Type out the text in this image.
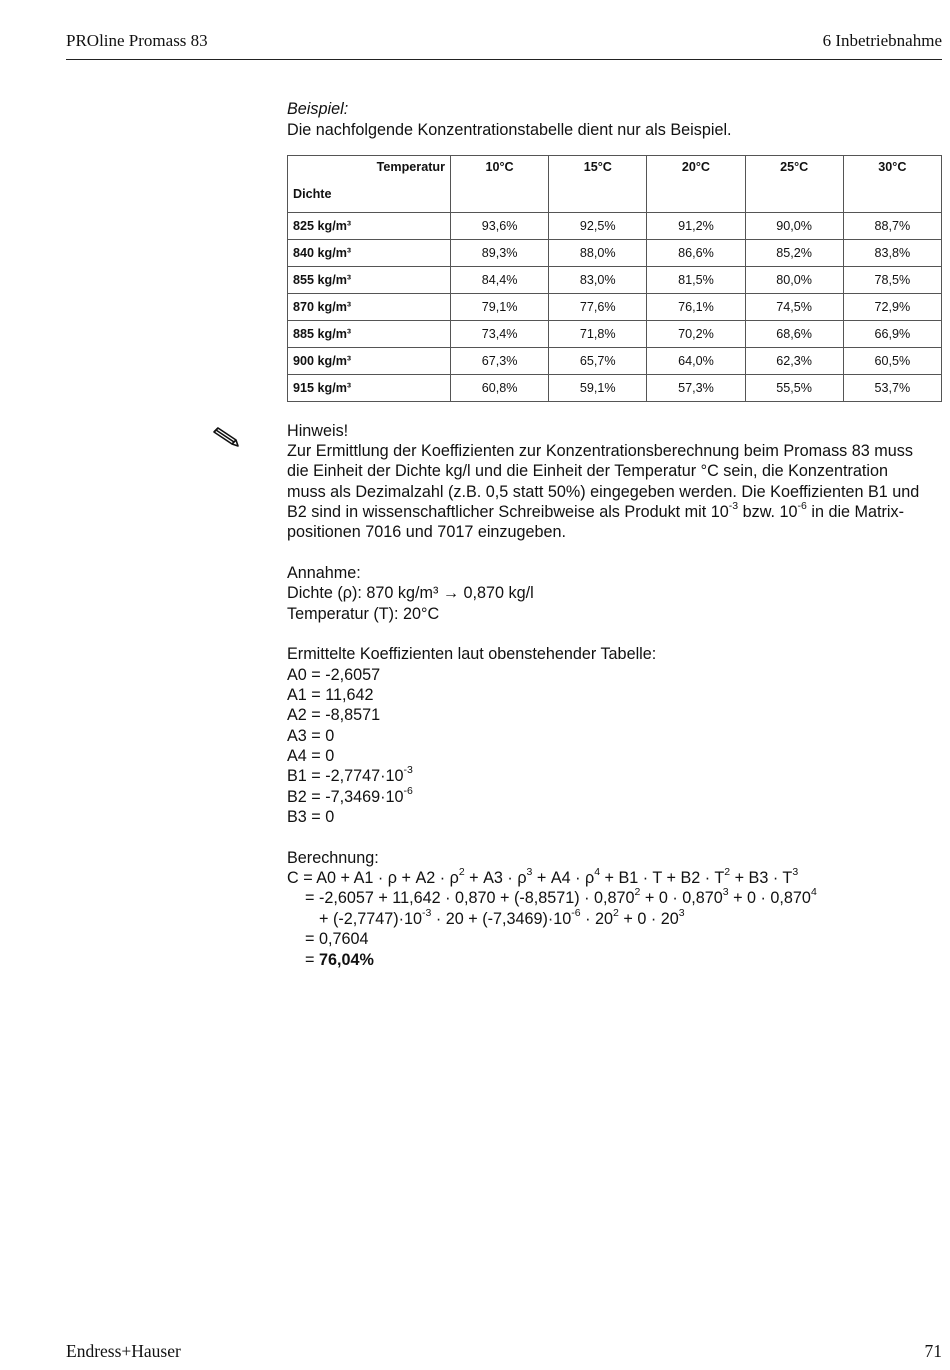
PROline Promass 83	6 Inbetriebnahme
Beispiel:
Die nachfolgende Konzentrationstabelle dient nur als Beispiel.
Temperatur
Dichte	10°C	15°C	20°C	25°C	30°C
825 kg/m³	93,6%	92,5%	91,2%	90,0%	88,7%
840 kg/m³	89,3%	88,0%	86,6%	85,2%	83,8%
855 kg/m³	84,4%	83,0%	81,5%	80,0%	78,5%
870 kg/m³	79,1%	77,6%	76,1%	74,5%	72,9%
885 kg/m³	73,4%	71,8%	70,2%	68,6%	66,9%
900 kg/m³	67,3%	65,7%	64,0%	62,3%	60,5%
915 kg/m³	60,8%	59,1%	57,3%	55,5%	53,7%
Hinweis!
Zur Ermittlung der Koeffizienten zur Konzentrationsberechnung beim Promass 83 muss
die Einheit der Dichte kg/l und die Einheit der Temperatur °C sein, die Konzentration
muss als Dezimalzahl (z.B. 0,5 statt 50%) eingegeben werden. Die Koeffizienten B1 und
B2 sind in wissenschaftlicher Schreibweise als Produkt mit $10^{-3}$ bzw. $10^{-6}$ in die Matrix-
positionen 7016 und 7017 einzugeben.
Annahme:
Dichte (ρ): 870 kg/m³ → 0,870 kg/l
Temperatur (T): 20°C
Ermittelte Koeffizienten laut obenstehender Tabelle:
A0 = -2,6057
A1 = 11,642
A2 = -8,8571
A3 = 0
A4 = 0
$B1 = -2,7747\cdot 10^{-3}$
$B2 = -7,3469\cdot 10^{-6}$
B3 = 0
Berechnung:
$C = A0 + A1 \cdot \rho + A2 \cdot \rho^2 + A3 \cdot \rho^3 + A4 \cdot \rho^4 + B1 \cdot T + B2 \cdot T^2 + B3 \cdot T^3$
= $-2,6057 + 11,642 \cdot 0,870 + (-8,8571) \cdot 0,870^2 + 0 \cdot 0,870^3 + 0 \cdot 0,870^4$
+ $(-2,7747)\cdot 10^{-3} \cdot 20 + (-7,3469)\cdot 10^{-6} \cdot 20^2 + 0 \cdot 20^3$
= 0,7604
= 76,04%
Endress+Hauser	71
